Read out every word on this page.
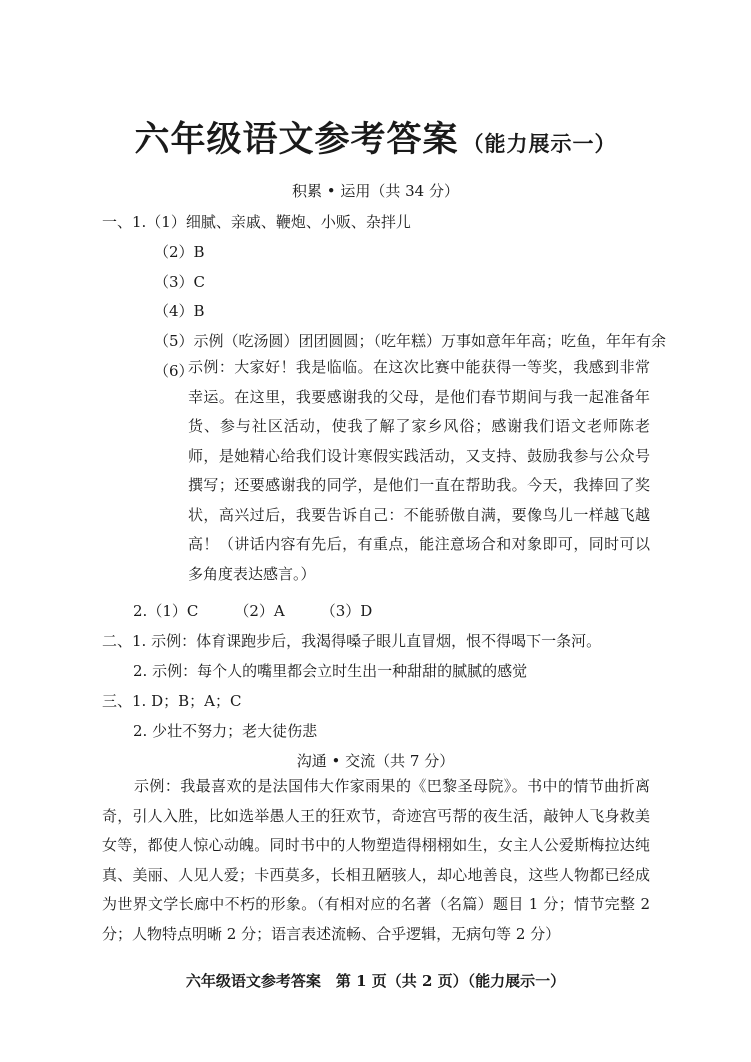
六年级语文参考答案 （能力展示一）
积累 • 运用（共 34 分）
一、1.（1）细腻、亲戚、鞭炮、小贩、杂拌儿
（2）B
（3）C
（4）B
（5）示例（吃汤圆）团团圆圆；（吃年糕）万事如意年年高；吃鱼，年年有余
（6）
示例：大家好！我是临临。在这次比赛中能获得一等奖，我感到非常幸运。在这里，我要感谢我的父母，是他们春节期间与我一起准备年货、参与社区活动，使我了解了家乡风俗；感谢我们语文老师陈老师，是她精心给我们设计寒假实践活动，又支持、鼓励我参与公众号撰写；还要感谢我的同学，是他们一直在帮助我。今天，我捧回了奖状，高兴过后，我要告诉自己：不能骄傲自满，要像鸟儿一样越飞越高！（讲话内容有先后，有重点，能注意场合和对象即可，同时可以多角度表达感言。）
2.（1）C （2）A （3）D
二、1. 示例：体育课跑步后，我渴得嗓子眼儿直冒烟，恨不得喝下一条河。
2. 示例：每个人的嘴里都会立时生出一种甜甜的腻腻的感觉
三、1. D；B；A；C
2. 少壮不努力；老大徒伤悲
沟通 • 交流（共 7 分）
示例：我最喜欢的是法国伟大作家雨果的《巴黎圣母院》。书中的情节曲折离奇，引人入胜，比如选举愚人王的狂欢节，奇迹宫丐帮的夜生活，敲钟人飞身救美女等，都使人惊心动魄。同时书中的人物塑造得栩栩如生，女主人公爱斯梅拉达纯真、美丽、人见人爱；卡西莫多，长相丑陋骇人，却心地善良，这些人物都已经成为世界文学长廊中不朽的形象。（有相对应的名著（名篇）题目 1 分；情节完整 2 分；人物特点明晰 2 分；语言表述流畅、合乎逻辑，无病句等 2 分）
六年级语文参考答案　第 1 页（共 2 页）（能力展示一）
